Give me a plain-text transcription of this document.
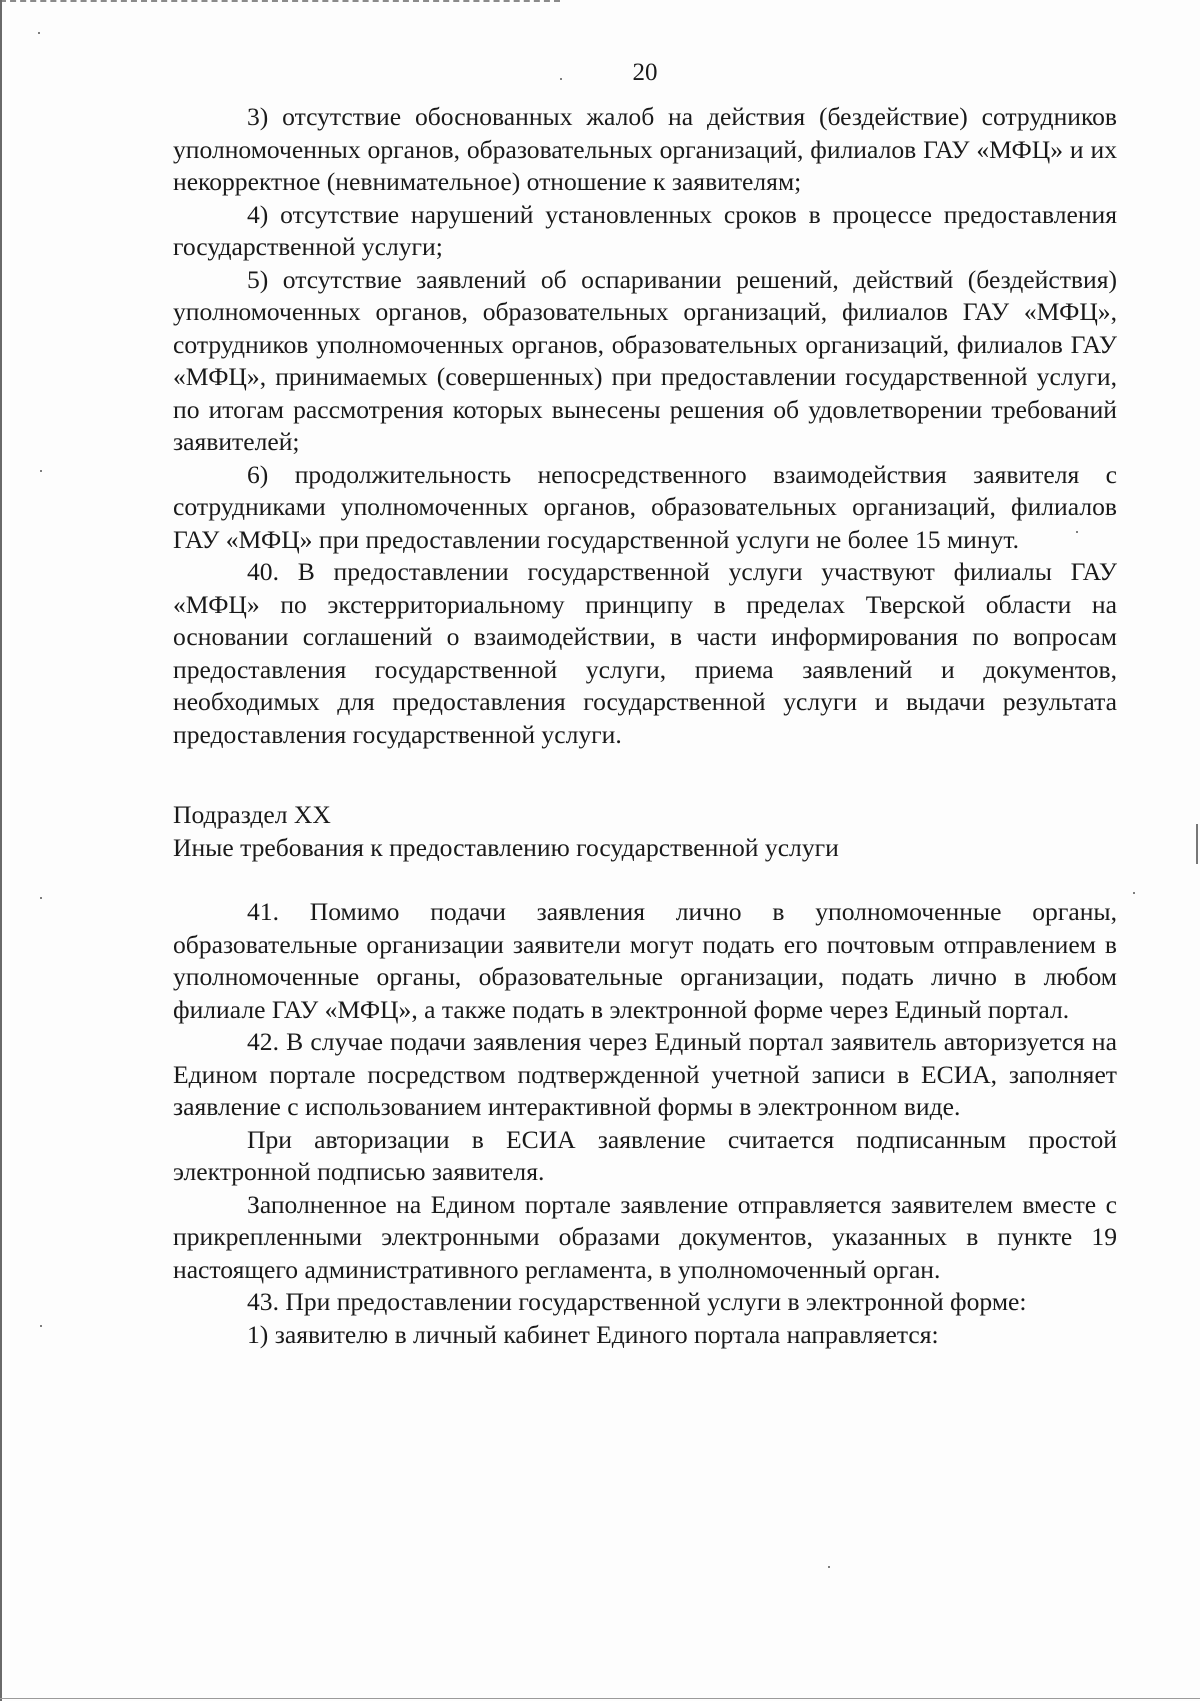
20

3) отсутствие обоснованных жалоб на действия (бездействие) сотрудников уполномоченных органов, образовательных организаций, филиалов ГАУ «МФЦ» и их некорректное (невнимательное) отношение к заявителям;

4) отсутствие нарушений установленных сроков в процессе предоставления государственной услуги;

5) отсутствие заявлений об оспаривании решений, действий (бездействия) уполномоченных органов, образовательных организаций, филиалов ГАУ «МФЦ», сотрудников уполномоченных органов, образовательных организаций, филиалов ГАУ «МФЦ», принимаемых (совершенных) при предоставлении государственной услуги, по итогам рассмотрения которых вынесены решения об удовлетворении требований заявителей;

6) продолжительность непосредственного взаимодействия заявителя с сотрудниками уполномоченных органов, образовательных организаций, филиалов ГАУ «МФЦ» при предоставлении государственной услуги не более 15 минут.

40. В предоставлении государственной услуги участвуют филиалы ГАУ «МФЦ» по экстерриториальному принципу в пределах Тверской области на основании соглашений о взаимодействии, в части информирования по вопросам предоставления государственной услуги, приема заявлений и документов, необходимых для предоставления государственной услуги и выдачи результата предоставления государственной услуги.

Подраздел XX

Иные требования к предоставлению государственной услуги

41. Помимо подачи заявления лично в уполномоченные органы, образовательные организации заявители могут подать его почтовым отправлением в уполномоченные органы, образовательные организации, подать лично в любом филиале ГАУ «МФЦ», а также подать в электронной форме через Единый портал.

42. В случае подачи заявления через Единый портал заявитель авторизуется на Едином портале посредством подтвержденной учетной записи в ЕСИА, заполняет заявление с использованием интерактивной формы в электронном виде.

При авторизации в ЕСИА заявление считается подписанным простой электронной подписью заявителя.

Заполненное на Едином портале заявление отправляется заявителем вместе с прикрепленными электронными образами документов, указанных в пункте 19 настоящего административного регламента, в уполномоченный орган.

43. При предоставлении государственной услуги в электронной форме:

1) заявителю в личный кабинет Единого портала направляется:
